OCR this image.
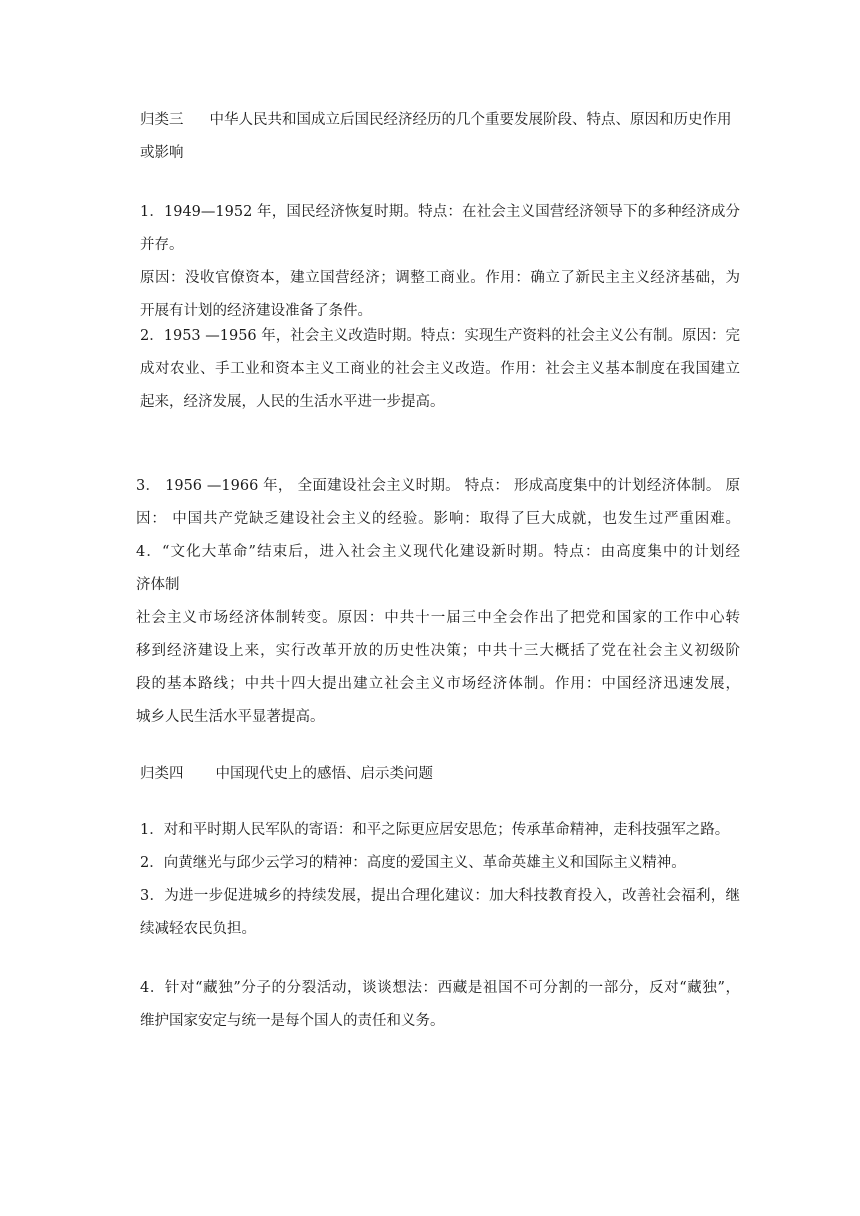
归类三 中华人民共和国成立后国民经济经历的几个重要发展阶段、特点、原因和历史作用
或影响
1．1949—1952 年，国民经济恢复时期。特点：在社会主义国营经济领导下的多种经济成分
并存。
原因：没收官僚资本，建立国营经济；调整工商业。作用：确立了新民主主义经济基础，为
开展有计划的经济建设准备了条件。
2．1953 —1956 年，社会主义改造时期。特点：实现生产资料的社会主义公有制。原因：完
成对农业、手工业和资本主义工商业的社会主义改造。作用：社会主义基本制度在我国建立
起来，经济发展，人民的生活水平进一步提高。
3． 1956 —1966 年， 全面建设社会主义时期。 特点： 形成高度集中的计划经济体制。 原
因： 中国共产党缺乏建设社会主义的经验。影响：取得了巨大成就，也发生过严重困难。
4．“文化大革命”结束后，进入社会主义现代化建设新时期。特点：由高度集中的计划经
济体制
社会主义市场经济体制转变。原因：中共十一届三中全会作出了把党和国家的工作中心转
移到经济建设上来，实行改革开放的历史性决策；中共十三大概括了党在社会主义初级阶
段的基本路线；中共十四大提出建立社会主义市场经济体制。作用：中国经济迅速发展，
城乡人民生活水平显著提高。
归类四 中国现代史上的感悟、启示类问题
1．对和平时期人民军队的寄语：和平之际更应居安思危；传承革命精神，走科技强军之路。
2．向黄继光与邱少云学习的精神：高度的爱国主义、革命英雄主义和国际主义精神。
3．为进一步促进城乡的持续发展，提出合理化建议：加大科技教育投入，改善社会福利，继
续减轻农民负担。
4．针对“藏独”分子的分裂活动，谈谈想法：西藏是祖国不可分割的一部分，反对“藏独”，
维护国家安定与统一是每个国人的责任和义务。
